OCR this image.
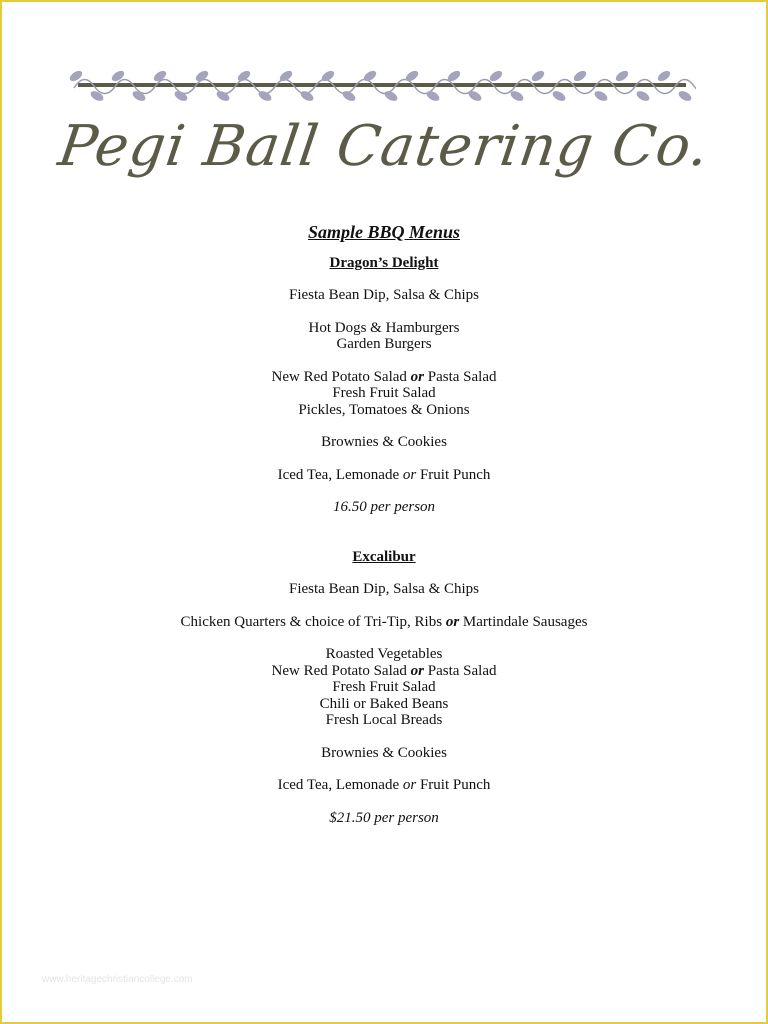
Pegi Ball Catering Co.
Sample BBQ Menus
Dragon’s Delight
Fiesta Bean Dip, Salsa & Chips
Hot Dogs & Hamburgers
Garden Burgers
New Red Potato Salad or Pasta Salad
Fresh Fruit Salad
Pickles, Tomatoes & Onions
Brownies & Cookies
Iced Tea, Lemonade or Fruit Punch
16.50 per person
Excalibur
Fiesta Bean Dip, Salsa & Chips
Chicken Quarters & choice of Tri-Tip, Ribs or Martindale Sausages
Roasted Vegetables
New Red Potato Salad or Pasta Salad
Fresh Fruit Salad
Chili or Baked Beans
Fresh Local Breads
Brownies & Cookies
Iced Tea, Lemonade or Fruit Punch
$21.50 per person
www.heritagechristiancollege.com
